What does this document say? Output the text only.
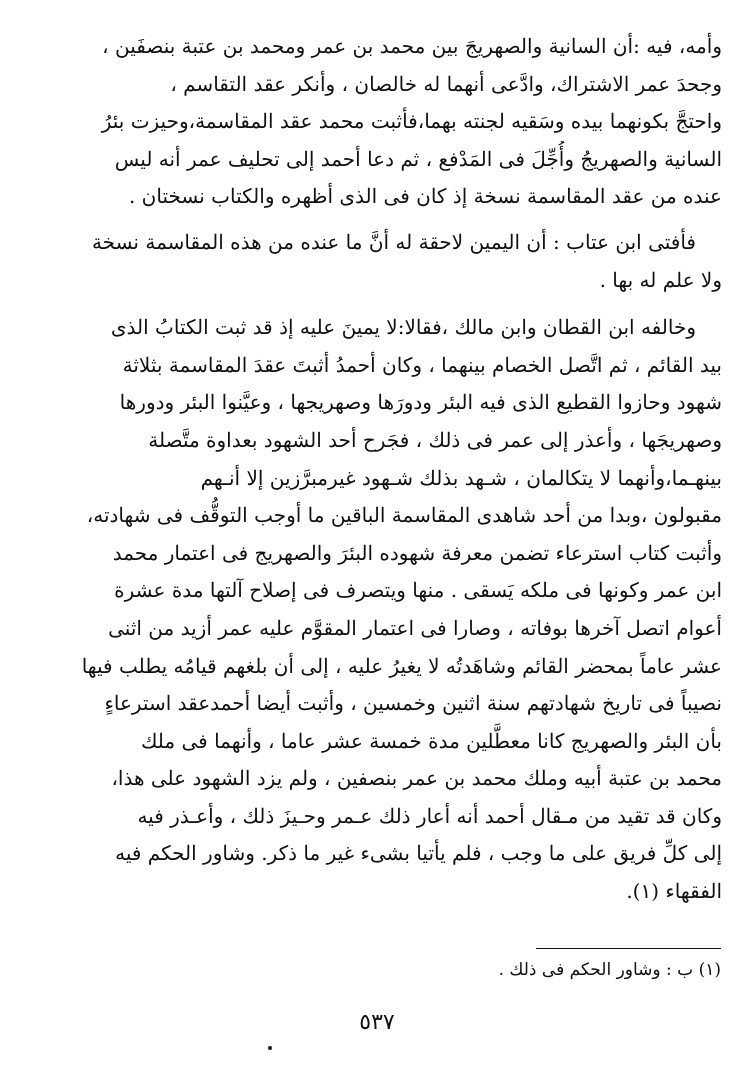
وأمه، فيه :أن السانية والصهريجَ بين محمد بن عمر ومحمد بن عتبة بنصفَين ،
وجحدَ عمر الاشتراك، وادَّعى أنهما له خالصان ، وأنكر عقد التقاسم ،
واحتجَّ بكونهما بيده وسَقيه لجنته بهما،فأثبت محمد عقد المقاسمة،وحيزت بئرُ
السانية والصهريجُ وأُجِّلَ فى المَدْفع ، ثم دعا أحمد إلى تحليف عمر أنه ليس
عنده من عقد المقاسمة نسخة إذ كان فى الذى أظهره والكتاب نسختان .
فأفتى ابن عتاب : أن اليمين لاحقة له أنَّ ما عنده من هذه المقاسمة نسخة
ولا علم له بها .
وخالفه ابن القطان وابن مالك ،فقالا:لا يمينَ عليه إذ قد ثبت الكتابُ الذى
بيد القائم ، ثم اتَّصل الخصام بينهما ، وكان أحمدُ أثبتَ عقدَ المقاسمة بثلاثة
شهود وحازوا القطيع الذى فيه البئر ودورَها وصهريجها ، وعيَّنوا البئر ودورها
وصهريجَها ، وأعذر إلى عمر فى ذلك ، فجَرح أحد الشهود بعداوة متَّصلة
بينهـما،وأنهما لا يتكالمان ، شـهد بذلك شـهود غيرمبرَّزين إلا أنـهم
مقبولون ،وبدا من أحد شاهدى المقاسمة الباقين ما أوجب التوقُّف فى شهادته،
وأثبت كتاب استرعاء تضمن معرفة شهوده البئرَ والصهريج فى اعتمار محمد
ابن عمر وكونها فى ملكه يَسقى . منها ويتصرف فى إصلاح آلتها مدة عشرة
أعوام اتصل آخرها بوفاته ، وصارا فى اعتمار المقوَّم عليه عمر أزيد من اثنى
عشر عاماً بمحضر القائم وشاهَدتُه لا يغيرُ عليه ، إلى أن بلغهم قيامُه يطلب فيها
نصيباً فى تاريخ شهادتهم سنة اثنين وخمسين ، وأثبت أيضا أحمدعقد استرعاءٍ
بأن البئر والصهريج كانا معطَّلين مدة خمسة عشر عاما ، وأنهما فى ملك
محمد بن عتبة أبيه وملك محمد بن عمر بنصفين ، ولم يزد الشهود على هذا،
وكان قد تقيد من مـقال أحمد أنه أعار ذلك عـمر وحـيزَ ذلك ، وأعـذر فيه
إلى كلِّ فريق على ما وجب ، فلم يأتيا بشىء غير ما ذكر. وشاور الحكم فيه
الفقهاء (١).
(١) ب : وشاور الحكم فى ذلك .
٥٣٧
